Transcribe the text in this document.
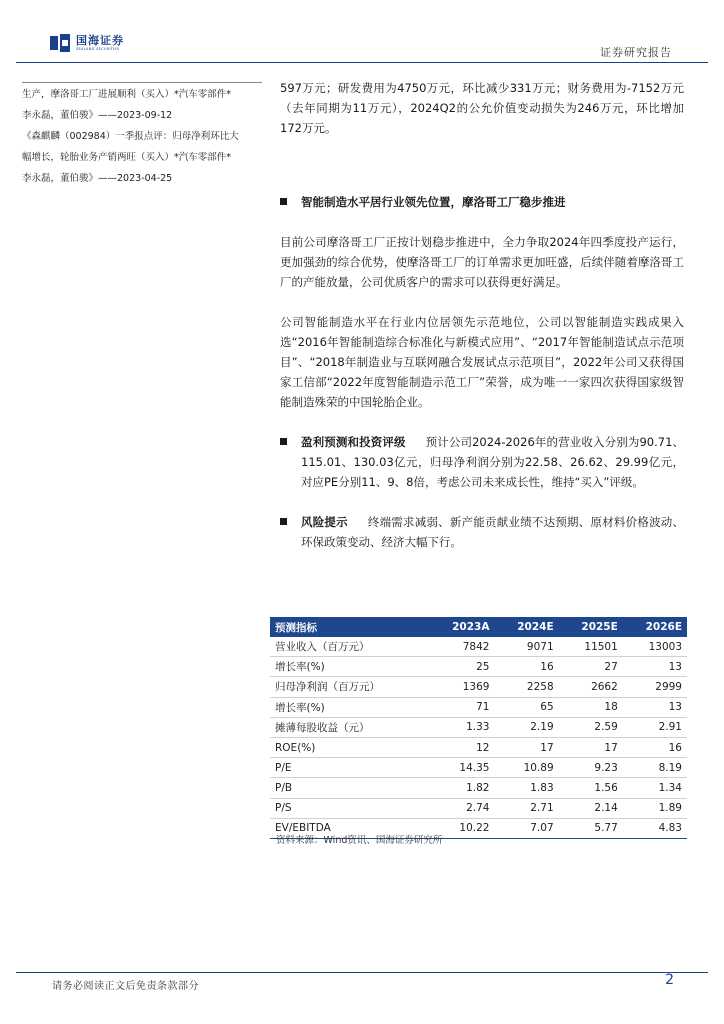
国海证券
SEALAND SECURITIES	证券研究报告

生产，摩洛哥工厂进展顺利（买入）*汽车零部件*

李永磊，董伯骏》——2023-09-12

《森麒麟（002984）一季报点评：归母净利环比大

幅增长，轮胎业务产销两旺（买入）*汽车零部件*

李永磊，董伯骏》——2023-04-25

597万元；研发费用为4750万元，环比减少331万元；财务费用为-7152万元（去年同期为11万元），2024Q2的公允价值变动损失为246万元，环比增加172万元。

智能制造水平居行业领先位置，摩洛哥工厂稳步推进

目前公司摩洛哥工厂正按计划稳步推进中，全力争取2024年四季度投产运行，更加强劲的综合优势，使摩洛哥工厂的订单需求更加旺盛，后续伴随着摩洛哥工厂的产能放量，公司优质客户的需求可以获得更好满足。

公司智能制造水平在行业内位居领先示范地位，公司以智能制造实践成果入选“2016年智能制造综合标准化与新模式应用”、“2017年智能制造试点示范项目”、“2018年制造业与互联网融合发展试点示范项目”，2022年公司又获得国家工信部“2022年度智能制造示范工厂”荣誉，成为唯一一家四次获得国家级智能制造殊荣的中国轮胎企业。

盈利预测和投资评级 预计公司2024-2026年的营业收入分别为90.71、115.01、130.03亿元，归母净利润分别为22.58、26.62、29.99亿元，对应PE分别11、9、8倍，考虑公司未来成长性，维持“买入”评级。

风险提示 终端需求减弱、新产能贡献业绩不达预期、原材料价格波动、环保政策变动、经济大幅下行。

预测指标	2023A	2024E	2025E	2026E
营业收入（百万元）	7842	9071	11501	13003
增长率(%)	25	16	27	13
归母净利润（百万元）	1369	2258	2662	2999
增长率(%)	71	65	18	13
摊薄每股收益（元）	1.33	2.19	2.59	2.91
ROE(%)	12	17	17	16
P/E	14.35	10.89	9.23	8.19
P/B	1.82	1.83	1.56	1.34
P/S	2.74	2.71	2.14	1.89
EV/EBITDA	10.22	7.07	5.77	4.83
资料来源：Wind资讯、国海证券研究所
请务必阅读正文后免责条款部分	2
